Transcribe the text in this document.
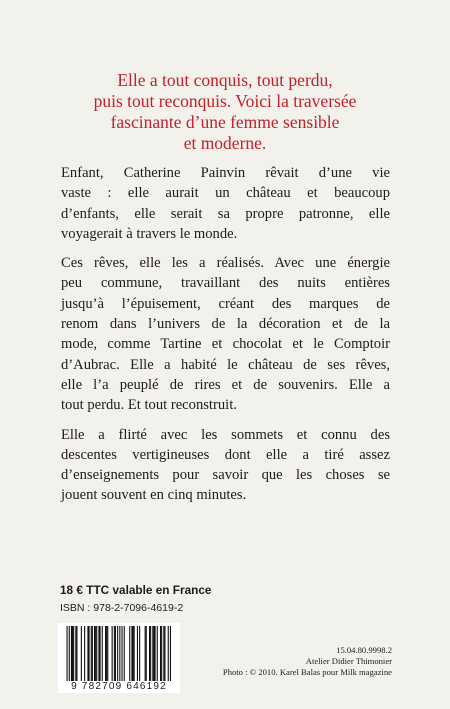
Elle a tout conquis, tout perdu,
puis tout reconquis. Voici la traversée
fascinante d’une femme sensible
et moderne.

Enfant, Catherine Painvin rêvait d’une vie
vaste : elle aurait un château et beaucoup
d’enfants, elle serait sa propre patronne, elle
voyagerait à travers le monde.

Ces rêves, elle les a réalisés. Avec une énergie
peu commune, travaillant des nuits entières
jusqu’à l’épuisement, créant des marques de
renom dans l’univers de la décoration et de la
mode, comme Tartine et chocolat et le Comptoir
d’Aubrac. Elle a habité le château de ses rêves,
elle l’a peuplé de rires et de souvenirs. Elle a
tout perdu. Et tout reconstruit.

Elle a flirté avec les sommets et connu des
descentes vertigineuses dont elle a tiré assez
d’enseignements pour savoir que les choses se
jouent souvent en cinq minutes.

18 € TTC valable en France
ISBN : 978-2-7096-4619-2
9 782709 646192
15.04.80.9998.2
Atelier Didier Thimonier
Photo : © 2010. Karel Balas pour Milk magazine
